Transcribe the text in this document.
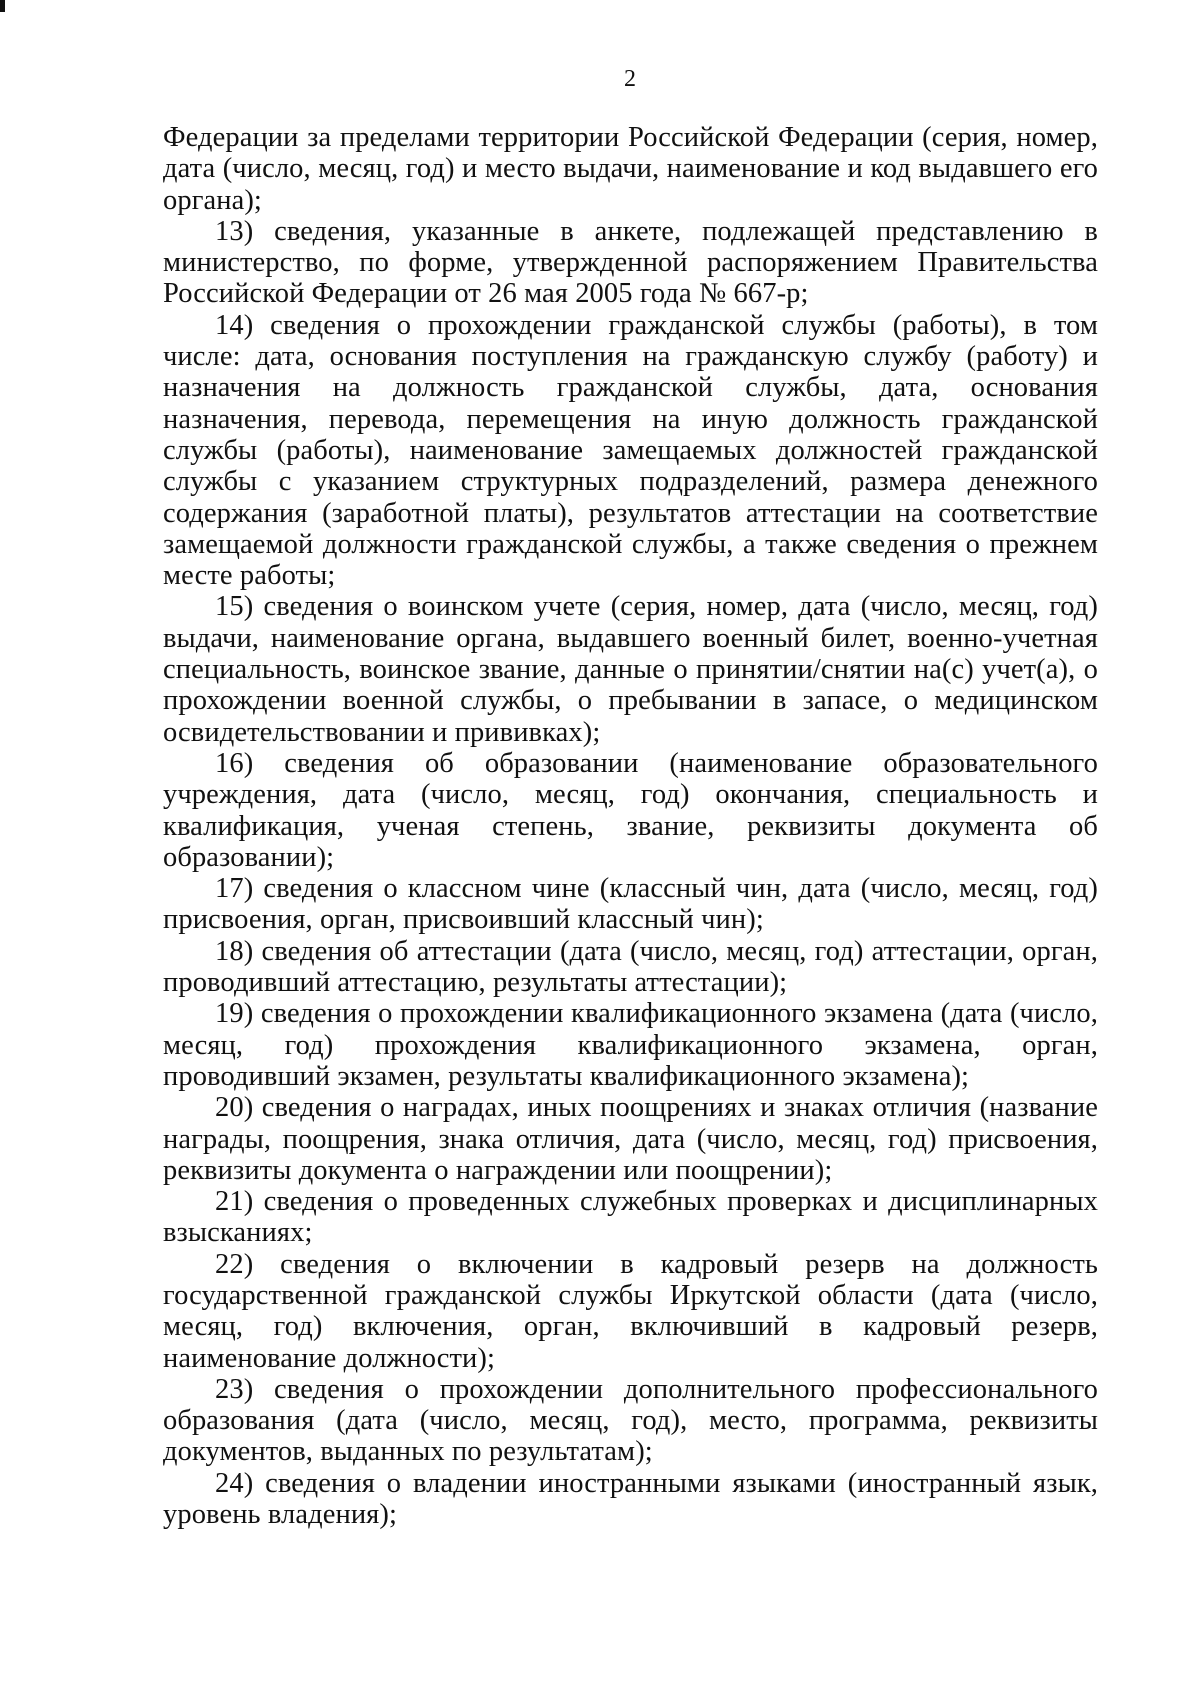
2

Федерации за пределами территории Российской Федерации (серия, номер, дата (число, месяц, год) и место выдачи, наименование и код выдавшего его органа);

13) сведения, указанные в анкете, подлежащей представлению в министерство, по форме, утвержденной распоряжением Правительства Российской Федерации от 26 мая 2005 года № 667-р;

14) сведения о прохождении гражданской службы (работы), в том числе: дата, основания поступления на гражданскую службу (работу) и назначения на должность гражданской службы, дата, основания назначения, перевода, перемещения на иную должность гражданской службы (работы), наименование замещаемых должностей гражданской службы с указанием структурных подразделений, размера денежного содержания (заработной платы), результатов аттестации на соответствие замещаемой должности гражданской службы, а также сведения о прежнем месте работы;

15) сведения о воинском учете (серия, номер, дата (число, месяц, год) выдачи, наименование органа, выдавшего военный билет, военно-учетная специальность, воинское звание, данные о принятии/снятии на(с) учет(а), о прохождении военной службы, о пребывании в запасе, о медицинском освидетельствовании и прививках);

16) сведения об образовании (наименование образовательного учреждения, дата (число, месяц, год) окончания, специальность и квалификация, ученая степень, звание, реквизиты документа об образовании);

17) сведения о классном чине (классный чин, дата (число, месяц, год) присвоения, орган, присвоивший классный чин);

18) сведения об аттестации (дата (число, месяц, год) аттестации, орган, проводивший аттестацию, результаты аттестации);

19) сведения о прохождении квалификационного экзамена (дата (число, месяц, год) прохождения квалификационного экзамена, орган, проводивший экзамен, результаты квалификационного экзамена);

20) сведения о наградах, иных поощрениях и знаках отличия (название награды, поощрения, знака отличия, дата (число, месяц, год) присвоения, реквизиты документа о награждении или поощрении);

21) сведения о проведенных служебных проверках и дисциплинарных взысканиях;

22) сведения о включении в кадровый резерв на должность государственной гражданской службы Иркутской области (дата (число, месяц, год) включения, орган, включивший в кадровый резерв, наименование должности);

23) сведения о прохождении дополнительного профессионального образования (дата (число, месяц, год), место, программа, реквизиты документов, выданных по результатам);

24) сведения о владении иностранными языками (иностранный язык, уровень владения);
